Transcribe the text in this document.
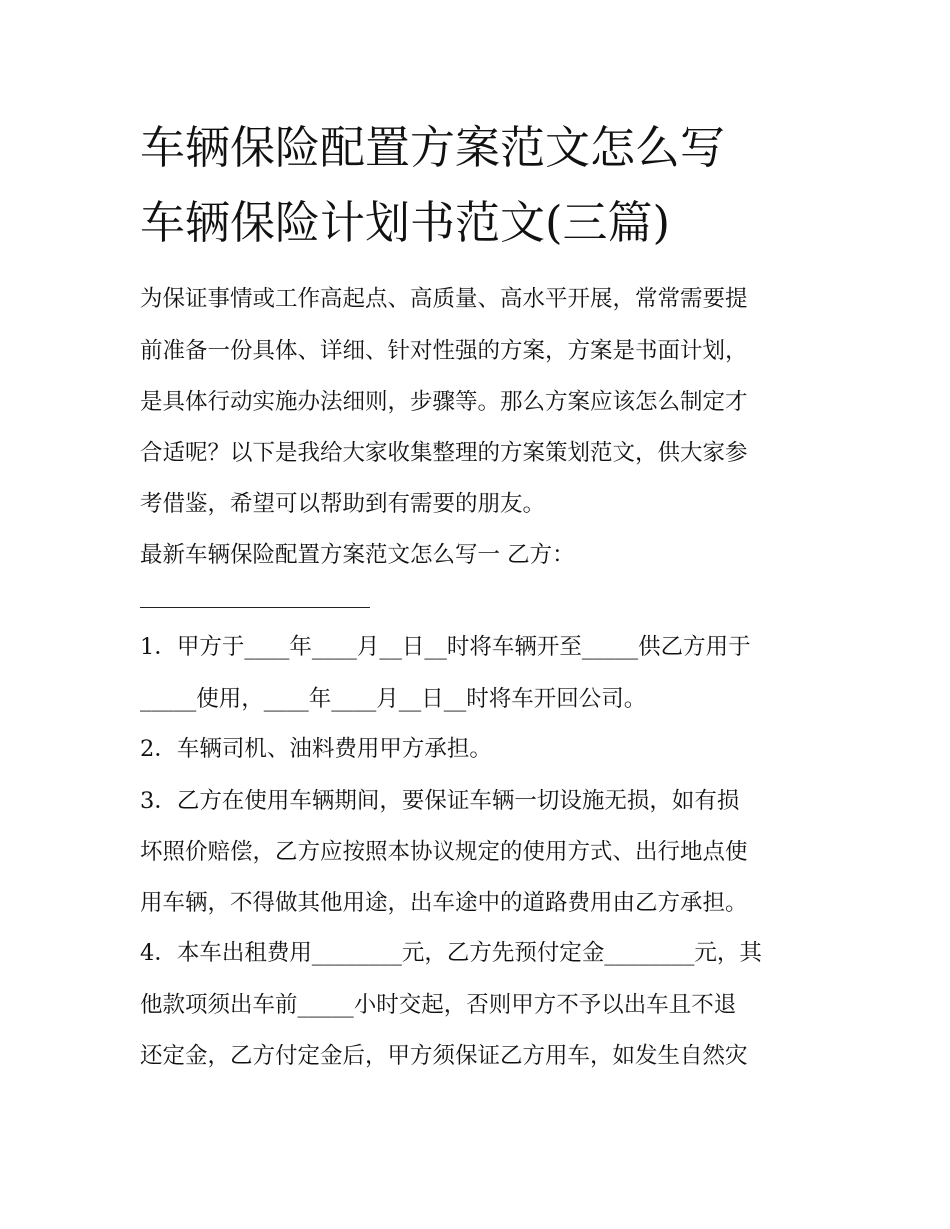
车辆保险配置方案范文怎么写
车辆保险计划书范文(三篇)

为保证事情或工作高起点、高质量、高水平开展，常常需要提

前准备一份具体、详细、针对性强的方案，方案是书面计划，

是具体行动实施办法细则，步骤等。那么方案应该怎么制定才

合适呢？以下是我给大家收集整理的方案策划范文，供大家参

考借鉴，希望可以帮助到有需要的朋友。

最新车辆保险配置方案范文怎么写一 乙方：

1．甲方于____年____月__日__时将车辆开至_____供乙方用于

_____使用，____年____月__日__时将车开回公司。

2．车辆司机、油料费用甲方承担。

3．乙方在使用车辆期间，要保证车辆一切设施无损，如有损

坏照价赔偿，乙方应按照本协议规定的使用方式、出行地点使

用车辆，不得做其他用途，出车途中的道路费用由乙方承担。

4．本车出租费用________元，乙方先预付定金________元，其

他款项须出车前_____小时交起，否则甲方不予以出车且不退

还定金，乙方付定金后，甲方须保证乙方用车，如发生自然灾
